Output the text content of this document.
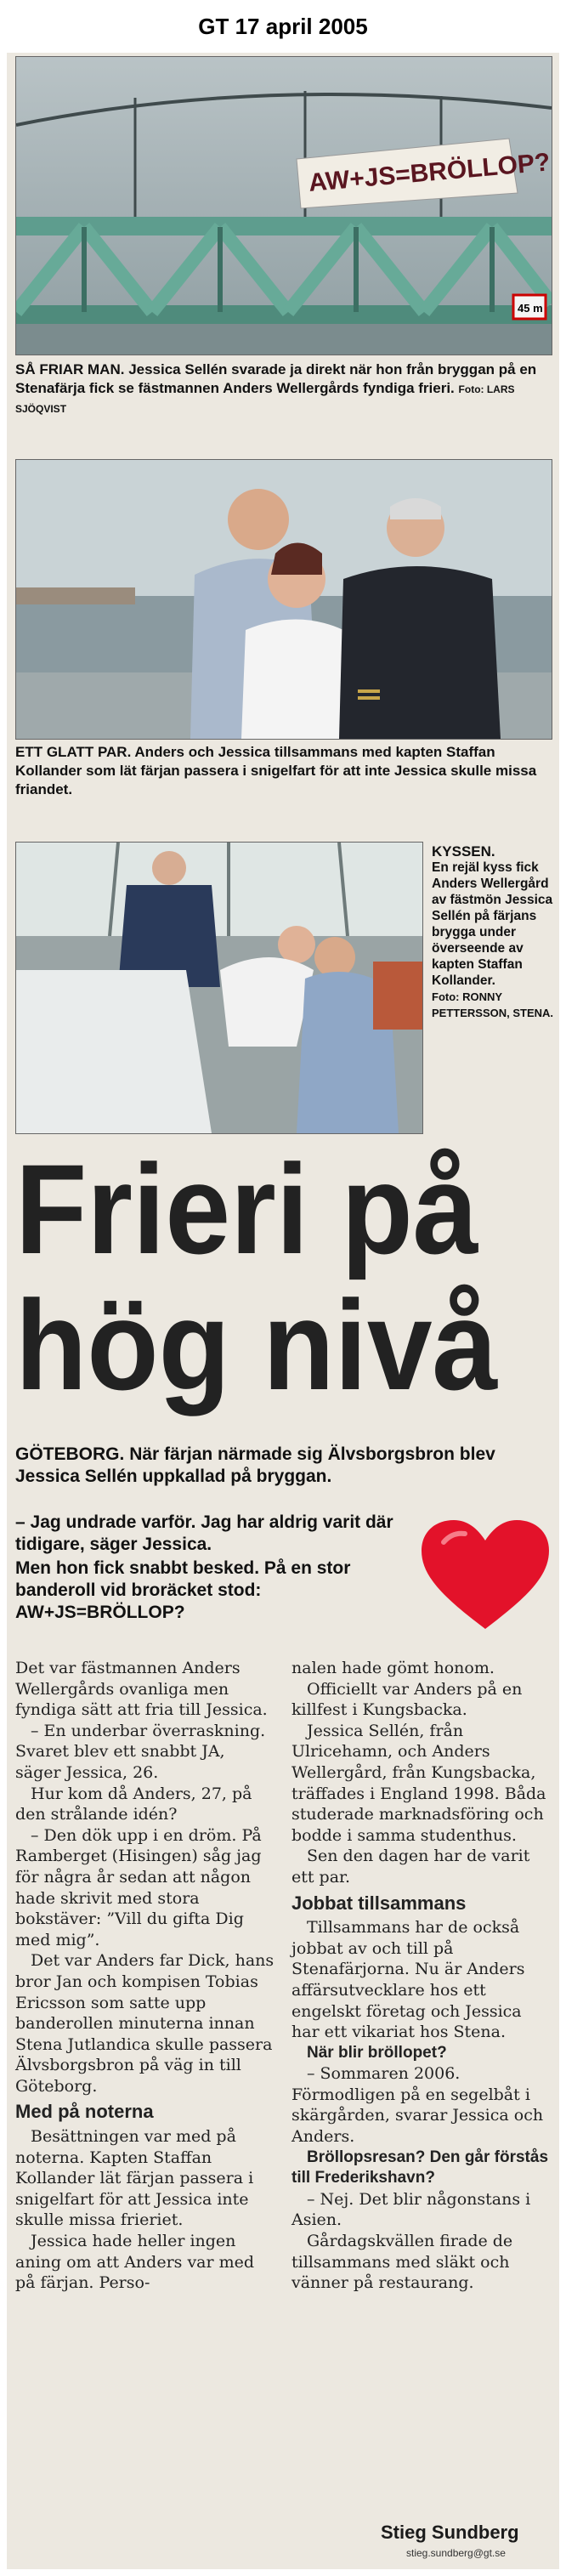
GT 17 april 2005
AW+JS=BRÖLLOP?
45 m
SÅ FRIAR MAN. Jessica Sellén svarade ja direkt när hon från bryggan på en Stenafärja fick se fästmannen Anders Wellergårds fyndiga frieri. Foto: LARS SJÖQVIST
ETT GLATT PAR. Anders och Jessica tillsammans med kapten Staffan Kollander som lät färjan passera i snigelfart för att inte Jessica skulle missa friandet.
KYSSEN.
En rejäl kyss fick Anders Wellergård av fästmön Jessica Sellén på färjans brygga under överseende av kapten Staffan Kollander.
Foto: RONNY PETTERSSON, STENA.
Frieri på
hög nivå
GÖTEBORG. När färjan närmade sig Älvsborgsbron blev Jessica Sellén uppkallad på bryggan.
– Jag undrade varför. Jag har aldrig varit där tidigare, säger Jessica.
Men hon fick snabbt besked. På en stor banderoll vid broräcket stod: AW+JS=BRÖLLOP?

Det var fästmannen Anders Wellergårds ovanliga men fyndiga sätt att fria till Jessica.

– En underbar överraskning. Svaret blev ett snabbt JA, säger Jessica, 26.

Hur kom då Anders, 27, på den strålande idén?

– Den dök upp i en dröm. På Ramberget (Hisingen) såg jag för några år sedan att någon hade skrivit med stora bokstäver: ”Vill du gifta Dig med mig”.

Det var Anders far Dick, hans bror Jan och kompisen Tobias Ericsson som satte upp banderollen minuterna innan Stena Jutlandica skulle passera Älvsborgsbron på väg in till Göteborg.

Med på noterna

Besättningen var med på noterna. Kapten Staffan Kollander lät färjan passera i snigelfart för att Jessica inte skulle missa frieriet.

Jessica hade heller ingen aning om att Anders var med på färjan. Perso-

nalen hade gömt honom.

Officiellt var Anders på en killfest i Kungsbacka.

Jessica Sellén, från Ulricehamn, och Anders Wellergård, från Kungsbacka, träffades i England 1998. Båda studerade marknadsföring och bodde i samma studenthus.

Sen den dagen har de varit ett par.

Jobbat tillsammans

Tillsammans har de också jobbat av och till på Stenafärjorna. Nu är Anders affärsutvecklare hos ett engelskt företag och Jessica har ett vikariat hos Stena.

När blir bröllopet?

– Sommaren 2006. Förmodligen på en segelbåt i skärgården, svarar Jessica och Anders.

Bröllopsresan? Den går förstås till Frederikshavn?

– Nej. Det blir någonstans i Asien.

Gårdagskvällen firade de tillsammans med släkt och vänner på restaurang.

Stieg Sundberg
stieg.sundberg@gt.se
